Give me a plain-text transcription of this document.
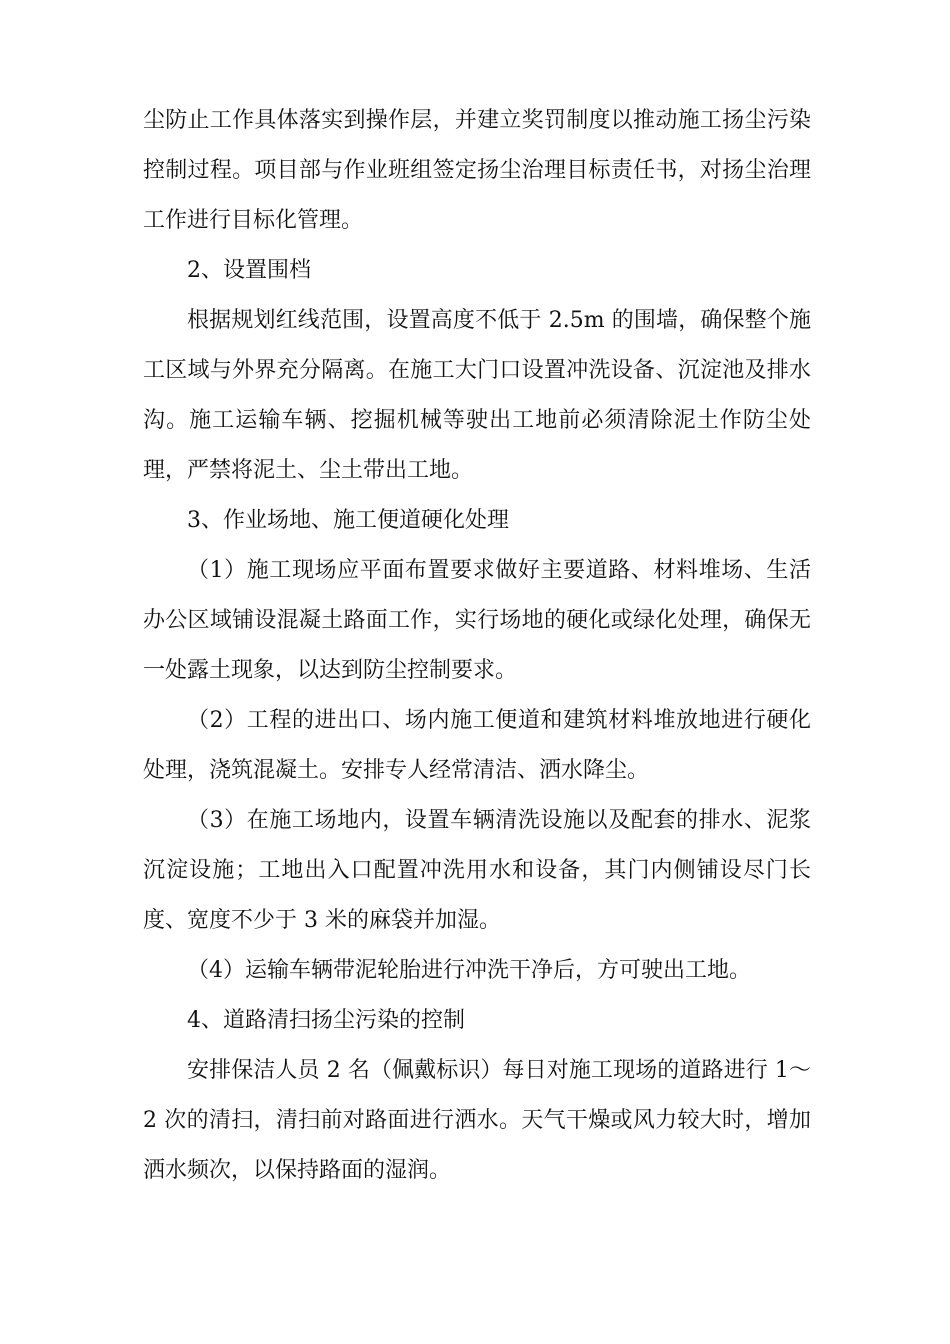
尘防止工作具体落实到操作层，并建立奖罚制度以推动施工扬尘污染控制过程。项目部与作业班组签定扬尘治理目标责任书，对扬尘治理工作进行目标化管理。

2、设置围档

根据规划红线范围，设置高度不低于 2.5m 的围墙，确保整个施工区域与外界充分隔离。在施工大门口设置冲洗设备、沉淀池及排水沟。施工运输车辆、挖掘机械等驶出工地前必须清除泥土作防尘处理，严禁将泥土、尘土带出工地。

3、作业场地、施工便道硬化处理

（1）施工现场应平面布置要求做好主要道路、材料堆场、生活办公区域铺设混凝土路面工作，实行场地的硬化或绿化处理，确保无一处露土现象，以达到防尘控制要求。

（2）工程的进出口、场内施工便道和建筑材料堆放地进行硬化处理，浇筑混凝土。安排专人经常清洁、洒水降尘。

（3）在施工场地内，设置车辆清洗设施以及配套的排水、泥浆沉淀设施；工地出入口配置冲洗用水和设备，其门内侧铺设尽门长度、宽度不少于 3 米的麻袋并加湿。

（4）运输车辆带泥轮胎进行冲洗干净后，方可驶出工地。

4、道路清扫扬尘污染的控制

安排保洁人员 2 名（佩戴标识）每日对施工现场的道路进行 1～2 次的清扫，清扫前对路面进行洒水。天气干燥或风力较大时，增加洒水频次，以保持路面的湿润。
